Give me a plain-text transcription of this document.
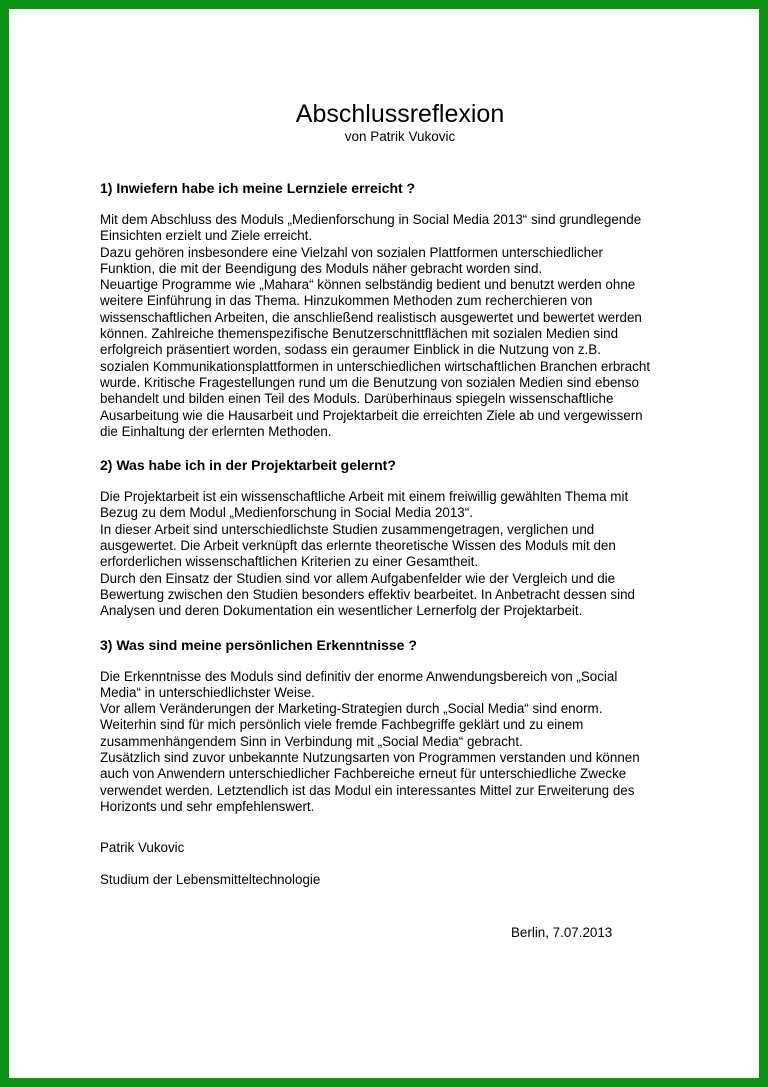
Abschlussreflexion
von Patrik Vukovic
1) Inwiefern habe ich meine Lernziele erreicht ?
Mit dem Abschluss des Moduls „Medienforschung in Social Media 2013“ sind grundlegende
Einsichten erzielt und Ziele erreicht.
Dazu gehören insbesondere eine Vielzahl von sozialen Plattformen unterschiedlicher
Funktion, die mit der Beendigung des Moduls näher gebracht worden sind.
Neuartige Programme wie „Mahara“ können selbständig bedient und benutzt werden ohne
weitere Einführung in das Thema. Hinzukommen Methoden zum recherchieren von
wissenschaftlichen Arbeiten, die anschließend realistisch ausgewertet und bewertet werden
können. Zahlreiche themenspezifische Benutzerschnittflächen mit sozialen Medien sind
erfolgreich präsentiert worden, sodass ein geraumer Einblick in die Nutzung von z.B.
sozialen Kommunikationsplattformen in unterschiedlichen wirtschaftlichen Branchen erbracht
wurde. Kritische Fragestellungen rund um die Benutzung von sozialen Medien sind ebenso
behandelt und bilden einen Teil des Moduls. Darüberhinaus spiegeln wissenschaftliche
Ausarbeitung wie die Hausarbeit und Projektarbeit die erreichten Ziele ab und vergewissern
die Einhaltung der erlernten Methoden.
2) Was habe ich in der Projektarbeit gelernt?
Die Projektarbeit ist ein wissenschaftliche Arbeit mit einem freiwillig gewählten Thema mit
Bezug zu dem Modul „Medienforschung in Social Media 2013“.
In dieser Arbeit sind unterschiedlichste Studien zusammengetragen, verglichen und
ausgewertet. Die Arbeit verknüpft das erlernte theoretische Wissen des Moduls mit den
erforderlichen wissenschaftlichen Kriterien zu einer Gesamtheit.
Durch den Einsatz der Studien sind vor allem Aufgabenfelder wie der Vergleich und die
Bewertung zwischen den Studien besonders effektiv bearbeitet. In Anbetracht dessen sind
Analysen und deren Dokumentation ein wesentlicher Lernerfolg der Projektarbeit.
3) Was sind meine persönlichen Erkenntnisse ?
Die Erkenntnisse des Moduls sind definitiv der enorme Anwendungsbereich von „Social
Media“ in unterschiedlichster Weise.
Vor allem Veränderungen der Marketing-Strategien durch „Social Media“ sind enorm.
Weiterhin sind für mich persönlich viele fremde Fachbegriffe geklärt und zu einem
zusammenhängendem Sinn in Verbindung mit „Social Media“ gebracht.
Zusätzlich sind zuvor unbekannte Nutzungsarten von Programmen verstanden und können
auch von Anwendern unterschiedlicher Fachbereiche erneut für unterschiedliche Zwecke
verwendet werden. Letztendlich ist das Modul ein interessantes Mittel zur Erweiterung des
Horizonts und sehr empfehlenswert.

Patrik Vukovic

Studium der Lebensmitteltechnologie

Berlin, 7.07.2013
